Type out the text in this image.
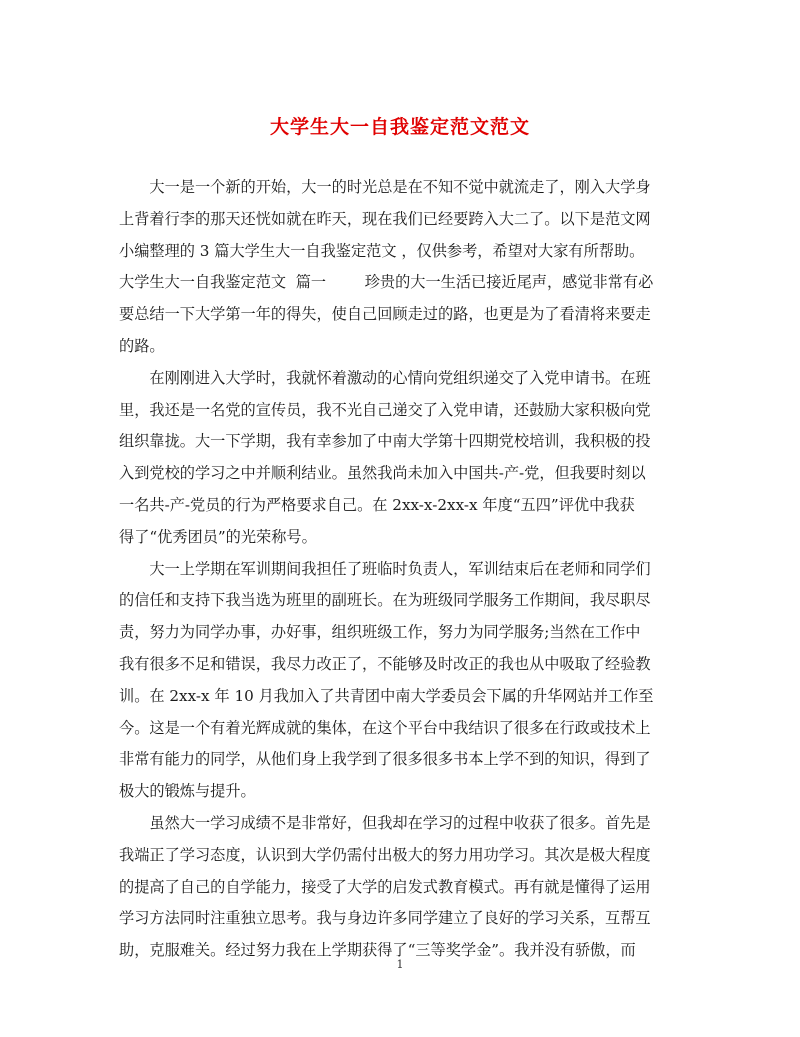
大学生大一自我鉴定范文范文
　　大一是一个新的开始，大一的时光总是在不知不觉中就流走了，刚入大学身
上背着行李的那天还恍如就在昨天，现在我们已经要跨入大二了。以下是范文网
小编整理的 3 篇大学生大一自我鉴定范文 ，仅供参考，希望对大家有所帮助。
大学生大一自我鉴定范文  篇一        珍贵的大一生活已接近尾声，感觉非常有必
要总结一下大学第一年的得失，使自己回顾走过的路，也更是为了看清将来要走
的路。
　　在刚刚进入大学时，我就怀着激动的心情向党组织递交了入党申请书。在班
里，我还是一名党的宣传员，我不光自己递交了入党申请，还鼓励大家积极向党
组织靠拢。大一下学期，我有幸参加了中南大学第十四期党校培训，我积极的投
入到党校的学习之中并顺利结业。虽然我尚未加入中国共-产-党，但我要时刻以
一名共-产-党员的行为严格要求自己。在 2xx-x-2xx-x 年度“五四”评优中我获
得了“优秀团员”的光荣称号。
　　大一上学期在军训期间我担任了班临时负责人，军训结束后在老师和同学们
的信任和支持下我当选为班里的副班长。在为班级同学服务工作期间，我尽职尽
责，努力为同学办事，办好事，组织班级工作，努力为同学服务;当然在工作中
我有很多不足和错误，我尽力改正了，不能够及时改正的我也从中吸取了经验教
训。在 2xx-x 年 10 月我加入了共青团中南大学委员会下属的升华网站并工作至
今。这是一个有着光辉成就的集体，在这个平台中我结识了很多在行政或技术上
非常有能力的同学，从他们身上我学到了很多很多书本上学不到的知识，得到了
极大的锻炼与提升。
　　虽然大一学习成绩不是非常好，但我却在学习的过程中收获了很多。首先是
我端正了学习态度，认识到大学仍需付出极大的努力用功学习。其次是极大程度
的提高了自己的自学能力，接受了大学的启发式教育模式。再有就是懂得了运用
学习方法同时注重独立思考。我与身边许多同学建立了良好的学习关系，互帮互
助，克服难关。经过努力我在上学期获得了“三等奖学金”。我并没有骄傲，而
1
